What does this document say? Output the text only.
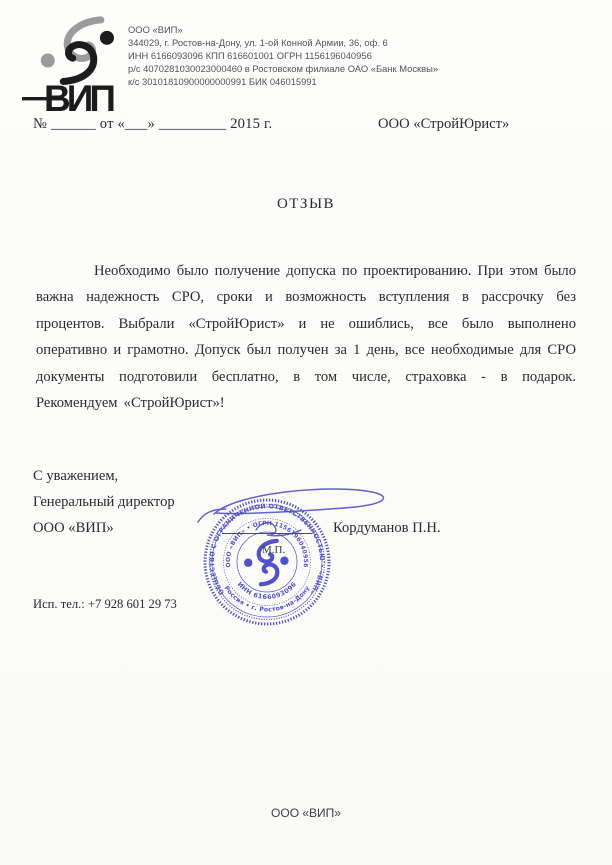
ВИП
ООО «ВИП»
344029, г. Ростов-на-Дону, ул. 1-ой Конной Армии, 36, оф. 6
ИНН 6166093096 КПП 616601001 ОГРН 1156196040956
р/с 4070281030023000460 в Ростовском филиале ОАО «Банк Москвы»
к/с 30101810900000000991 БИК 046015991
№ ______ от «___» _________ 2015 г.	ООО «СтройЮрист»
ОТЗЫВ

Необходимо было получение допуска по проектированию. При этом было важна надежность СРО, сроки и возможность вступления в рассрочку без процентов. Выбрали «СтройЮрист» и не ошиблись, все было выполнено оперативно и грамотно. Допуск был получен за 1 день, все необходимые для СРО документы подготовили бесплатно, в том числе, страховка - в подарок. Рекомендуем «СтройЮрист»!

С уважением,
Генеральный директор
ООО «ВИП»	Кордуманов П.Н.
ОБЩЕСТВО С ОГРАНИЧЕННОЙ ОТВЕТСТВЕННОСТЬЮ • «ВИП»
Россия • г. Ростов-на-Дону
ООО «ВИП» • ОГРН 1156196040956
ИНН 6166093096
М.П.
Исп. тел.: +7 928 601 29 73
ООО «ВИП»
